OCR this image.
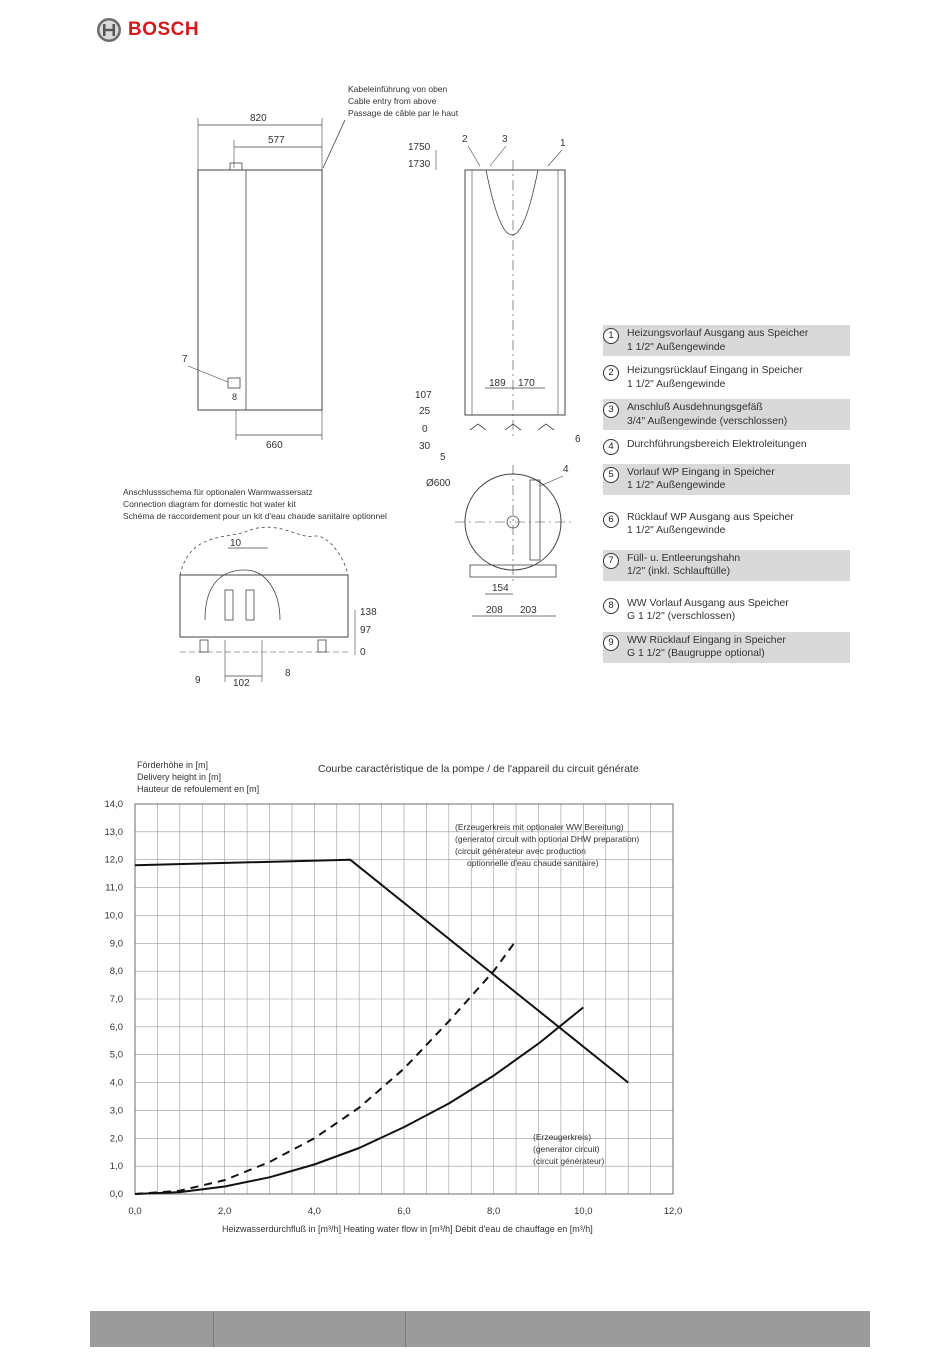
BOSCH
Kabeleinführung von oben
Cable entry from above
Passage de câble par le haut
820
577
660
7
8
1750
1730
2	3	1
189 170
107
25
0
30
5
6
Anschlussschema für optionalen Warmwassersatz
Connection diagram for domestic hot water kit
Schéma de raccordement pour un kit d'eau chaude sanitaire optionnel
10
138
97
0
9	102
8
Ø600
4
154
208 203
1	Heizungsvorlauf Ausgang aus Speicher
1 1/2" Außengewinde
2	Heizungsrücklauf Eingang in Speicher
1 1/2" Außengewinde
3	Anschluß Ausdehnungsgefäß
3/4" Außengewinde (verschlossen)
4	Durchführungsbereich Elektroleitungen
5	Vorlauf WP Eingang in Speicher
1 1/2" Außengewinde
6	Rücklauf WP Ausgang aus Speicher
1 1/2" Außengewinde
7	Füll- u. Entleerungshahn
1/2" (inkl. Schlauftülle)
8	WW Vorlauf Ausgang aus Speicher
G 1 1/2" (verschlossen)
9	WW Rücklauf Eingang in Speicher
G 1 1/2" (Baugruppe optional)
Förderhöhe in [m]
Delivery height in [m]
Hauteur de refoulement en [m]
Courbe caractéristique de la pompe / de l'appareil du circuit générate
0,0
1,0
2,0
3,0
4,0
5,0
6,0
7,0
8,0
9,0
10,0
11,0
12,0
13,0
14,0
0,0	2,0	4,0	6,0	8,0	10,0	12,0
(Erzeugerkreis mit optionaler WW Bereitung)
(generator circuit with optional DHW preparation)
(circuit générateur avec production
optionnelle d'eau chaude sanitaire)
(Erzeugerkreis)
(generator circuit)
(circuit générateur)
Heizwasserdurchfluß in [m³/h] Heating water flow in [m³/h] Débit d'eau de chauffage en [m³/h]
